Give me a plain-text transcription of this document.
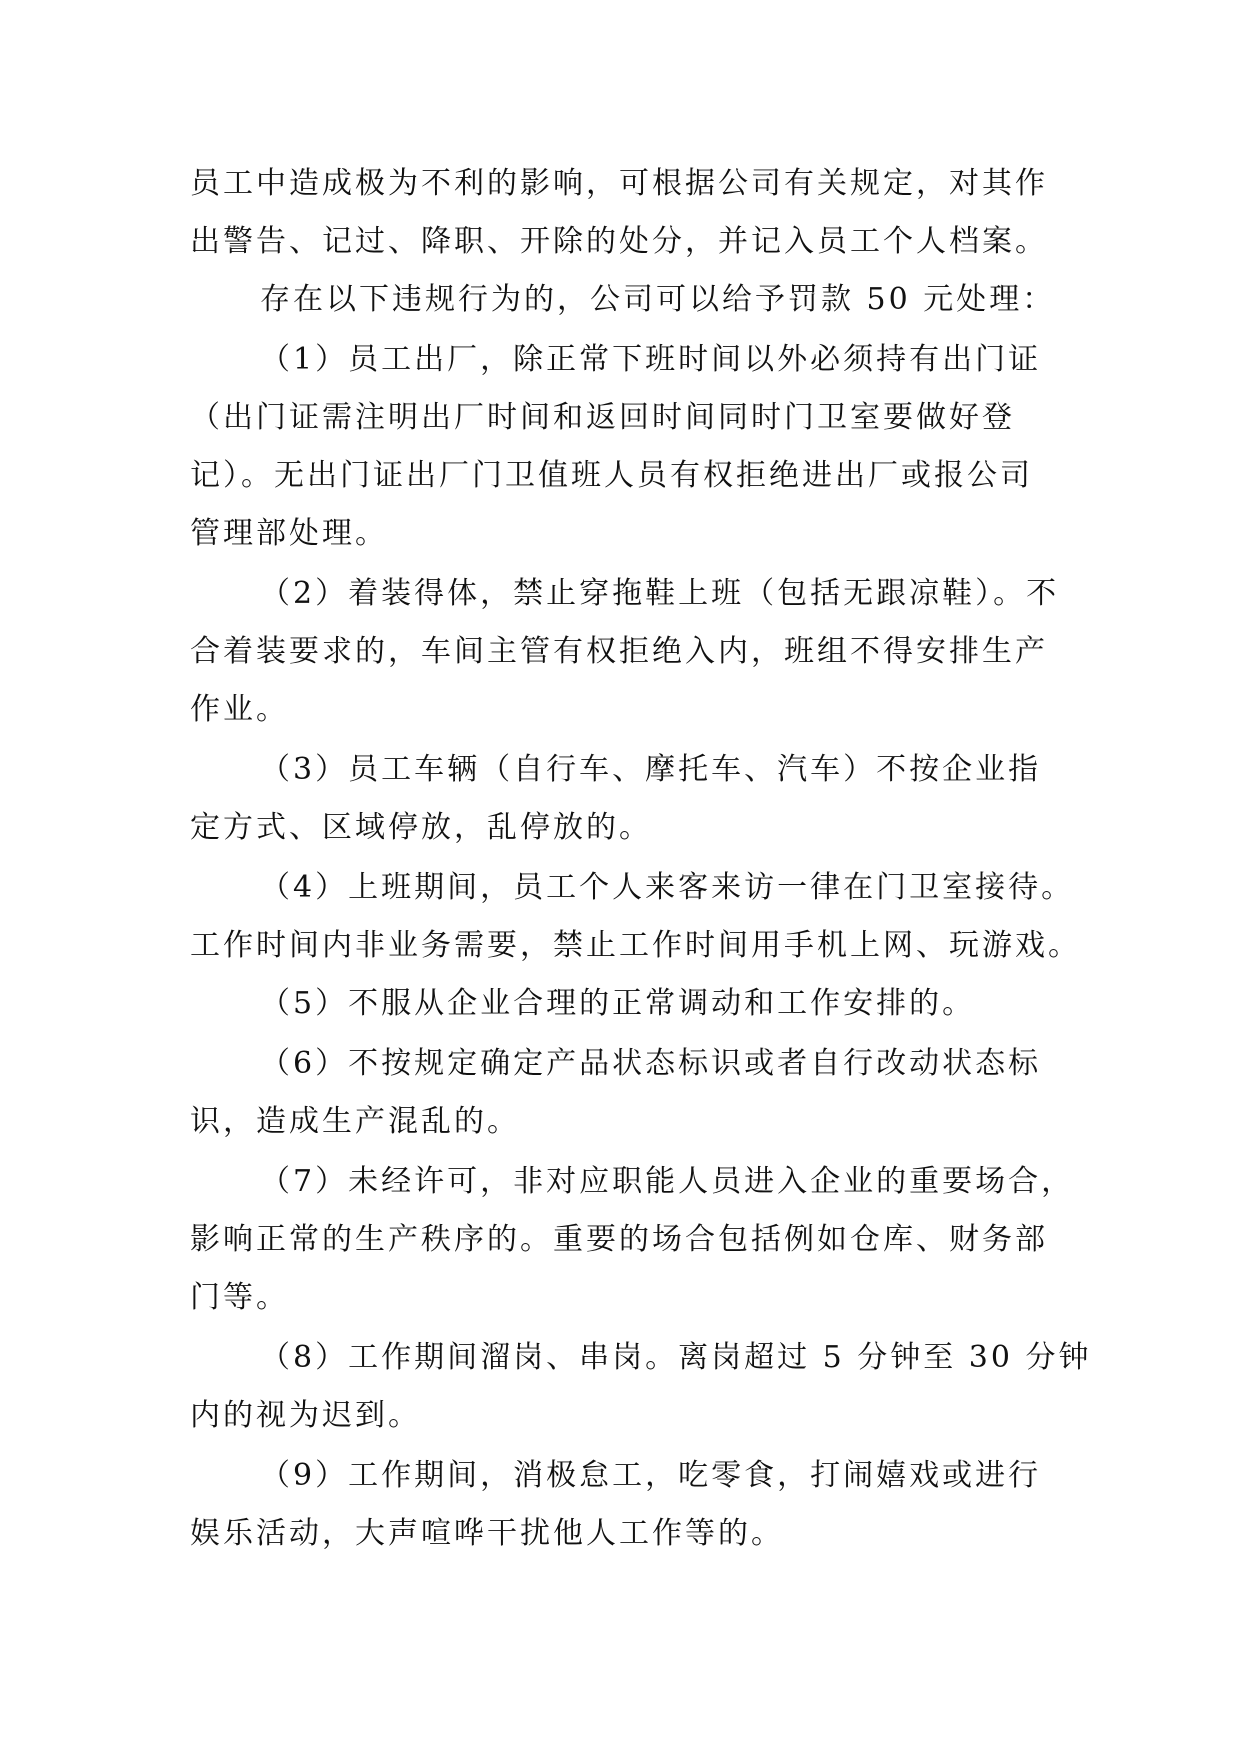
员工中造成极为不利的影响，可根据公司有关规定，对其作

出警告、记过、降职、开除的处分，并记入员工个人档案。

存在以下违规行为的，公司可以给予罚款 50 元处理：

（1）员工出厂，除正常下班时间以外必须持有出门证

（出门证需注明出厂时间和返回时间同时门卫室要做好登

记）。无出门证出厂门卫值班人员有权拒绝进出厂或报公司

管理部处理。

（2）着装得体，禁止穿拖鞋上班（包括无跟凉鞋）。不

合着装要求的，车间主管有权拒绝入内，班组不得安排生产

作业。

（3）员工车辆（自行车、摩托车、汽车）不按企业指

定方式、区域停放，乱停放的。

（4）上班期间，员工个人来客来访一律在门卫室接待。

工作时间内非业务需要，禁止工作时间用手机上网、玩游戏。

（5）不服从企业合理的正常调动和工作安排的。

（6）不按规定确定产品状态标识或者自行改动状态标

识，造成生产混乱的。

（7）未经许可，非对应职能人员进入企业的重要场合，

影响正常的生产秩序的。重要的场合包括例如仓库、财务部

门等。

（8）工作期间溜岗、串岗。离岗超过 5 分钟至 30 分钟

内的视为迟到。

（9）工作期间，消极怠工，吃零食，打闹嬉戏或进行

娱乐活动，大声喧哗干扰他人工作等的。
